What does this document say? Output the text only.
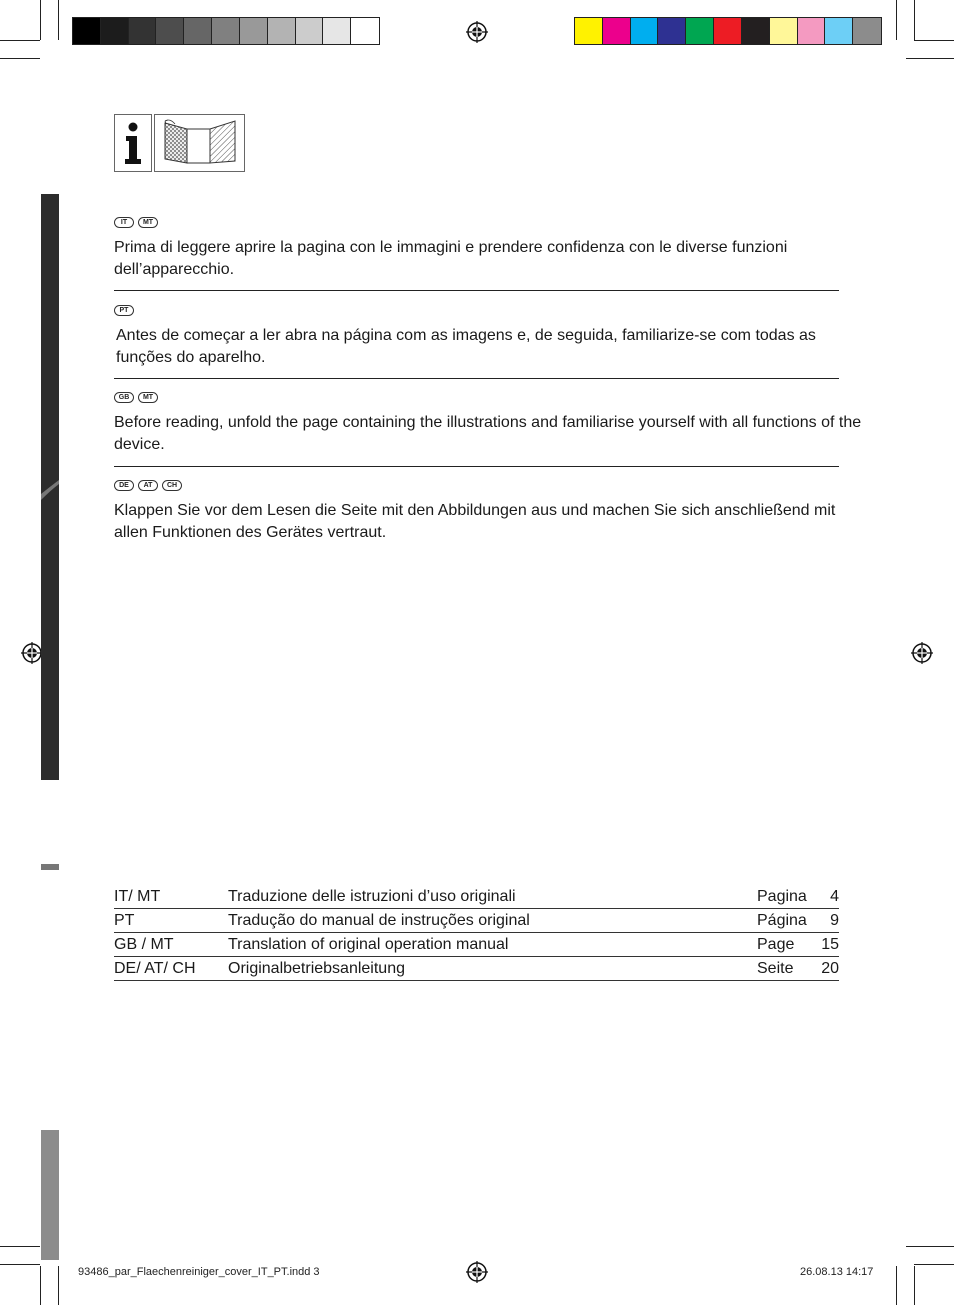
IT	MT

Prima di leggere aprire la pagina con le immagini e prendere confidenza con le diverse funzioni dell’apparecchio.

PT

Antes de começar a ler abra na página com as imagens e, de seguida, familiarize-se com todas as funções do aparelho.

GB	MT

Before reading, unfold the page containing the illustrations and familiarise yourself with all functions of the device.

DE	AT	CH

Klappen Sie vor dem Lesen die Seite mit den Abbildungen aus und machen Sie sich anschließend mit allen Funktionen des Gerätes vertraut.

IT/ MT	Traduzione delle istruzioni d’uso originali	Pagina	4
PT	Tradução do manual de instruções original	Página	9
GB / MT	Translation of original operation manual	Page	15
DE/ AT/ CH	Originalbetriebsanleitung	Seite	20
93486_par_Flaechenreiniger_cover_IT_PT.indd 3	26.08.13 14:17
